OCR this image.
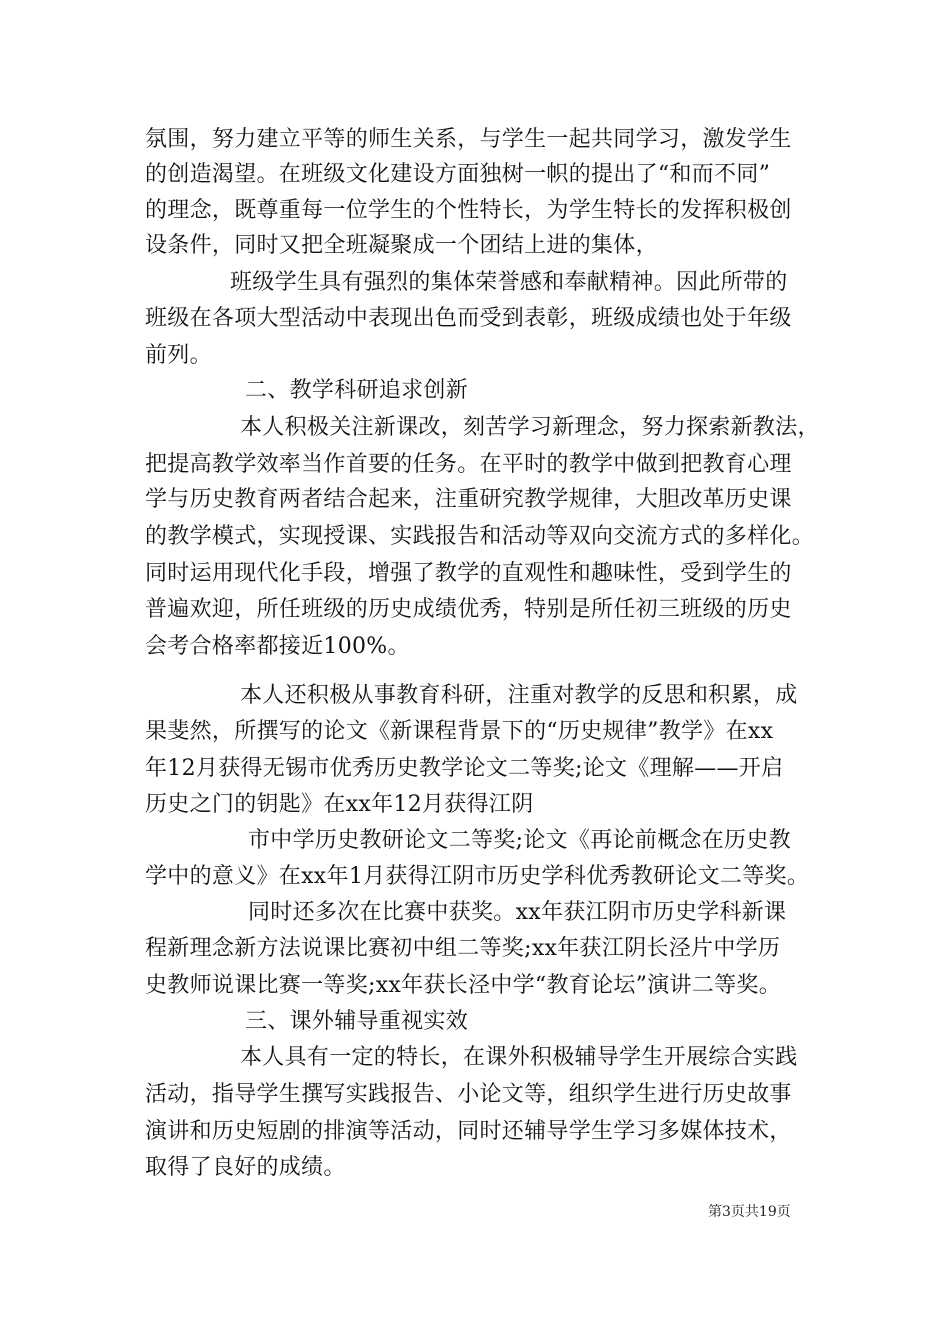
氛围，努力建立平等的师生关系，与学生一起共同学习，激发学生
的创造渴望。在班级文化建设方面独树一帜的提出了“和而不同”
的理念，既尊重每一位学生的个性特长，为学生特长的发挥积极创
设条件，同时又把全班凝聚成一个团结上进的集体，
班级学生具有强烈的集体荣誉感和奉献精神。因此所带的
班级在各项大型活动中表现出色而受到表彰，班级成绩也处于年级
前列。
二、教学科研追求创新
本人积极关注新课改，刻苦学习新理念，努力探索新教法，
把提高教学效率当作首要的任务。在平时的教学中做到把教育心理
学与历史教育两者结合起来，注重研究教学规律，大胆改革历史课
的教学模式，实现授课、实践报告和活动等双向交流方式的多样化。
同时运用现代化手段，增强了教学的直观性和趣味性，受到学生的
普遍欢迎，所任班级的历史成绩优秀，特别是所任初三班级的历史
会考合格率都接近100%。
本人还积极从事教育科研，注重对教学的反思和积累，成
果斐然，所撰写的论文《新课程背景下的“历史规律”教学》在xx
年12月获得无锡市优秀历史教学论文二等奖;论文《理解——开启
历史之门的钥匙》在xx年12月获得江阴
市中学历史教研论文二等奖;论文《再论前概念在历史教
学中的意义》在xx年1月获得江阴市历史学科优秀教研论文二等奖。
同时还多次在比赛中获奖。xx年获江阴市历史学科新课
程新理念新方法说课比赛初中组二等奖;xx年获江阴长泾片中学历
史教师说课比赛一等奖;xx年获长泾中学“教育论坛”演讲二等奖。
三、课外辅导重视实效
本人具有一定的特长，在课外积极辅导学生开展综合实践
活动，指导学生撰写实践报告、小论文等，组织学生进行历史故事
演讲和历史短剧的排演等活动，同时还辅导学生学习多媒体技术，
取得了良好的成绩。
第3页共19页
